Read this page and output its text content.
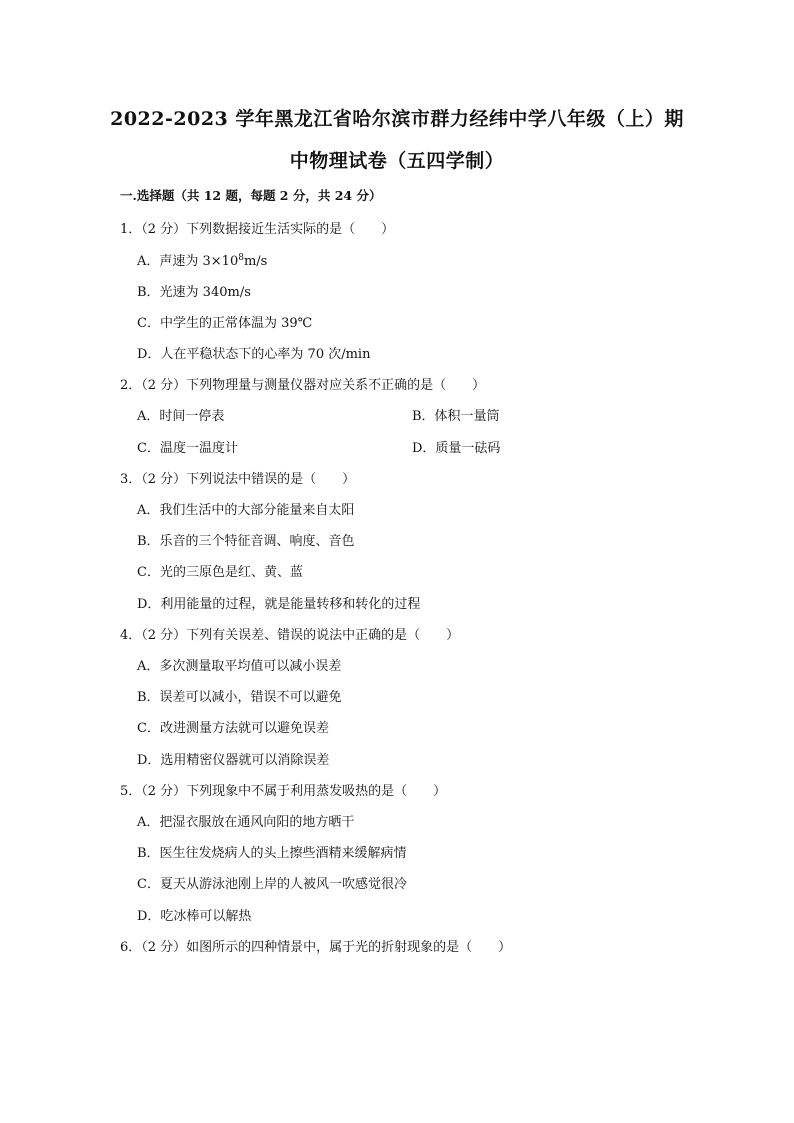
2022-2023 学年黑龙江省哈尔滨市群力经纬中学八年级（上）期
中物理试卷（五四学制）
一.选择题（共 12 题，每题 2 分，共 24 分）
1．（2 分）下列数据接近生活实际的是（　　）
A．声速为 $3\times 10^8m/s$
B．光速为 340m/s
C．中学生的正常体温为 39℃
D．人在平稳状态下的心率为 70 次/min
2．（2 分）下列物理量与测量仪器对应关系不正确的是（　　）
A．时间一停表	B．体积一量筒
C．温度一温度计	D．质量一砝码
3．（2 分）下列说法中错误的是（　　）
A．我们生活中的大部分能量来自太阳
B．乐音的三个特征音调、响度、音色
C．光的三原色是红、黄、蓝
D．利用能量的过程，就是能量转移和转化的过程
4．（2 分）下列有关误差、错误的说法中正确的是（　　）
A．多次测量取平均值可以减小误差
B．误差可以减小，错误不可以避免
C．改进测量方法就可以避免误差
D．选用精密仪器就可以消除误差
5．（2 分）下列现象中不属于利用蒸发吸热的是（　　）
A．把湿衣服放在通风向阳的地方晒干
B．医生往发烧病人的头上擦些酒精来缓解病情
C．夏天从游泳池刚上岸的人被风一吹感觉很冷
D．吃冰棒可以解热
6．（2 分）如图所示的四种情景中，属于光的折射现象的是（　　）
